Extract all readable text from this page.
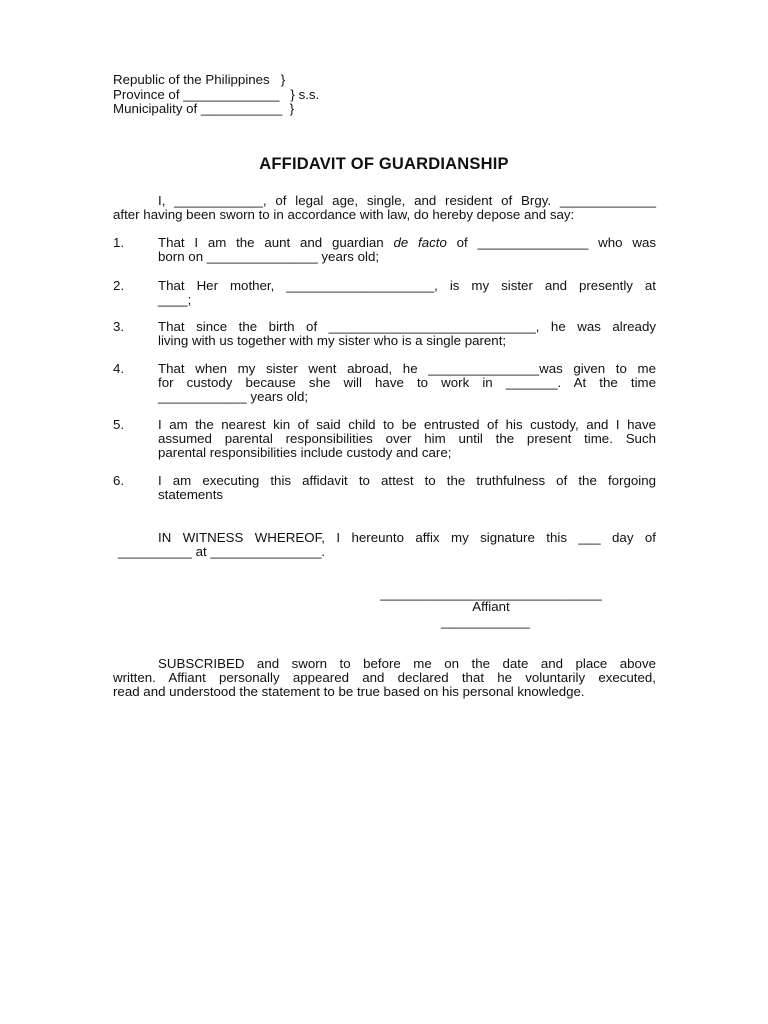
Republic of the Philippines   }
Province of _____________   } s.s.
Municipality of ___________  }
AFFIDAVIT OF GUARDIANSHIP
I, ____________, of legal age, single, and resident of Brgy. _____________
after having been sworn to in accordance with law, do hereby depose and say:
1.	That I am the aunt and guardian de facto of _______________ who was
born on _______________ years old;
2.	That Her mother, ____________________, is my sister and presently at
____;
3.	That since the birth of ____________________________, he was already
living with us together with my sister who is a single parent;
4.	That when my sister went abroad, he _______________was given to me
for custody because she will have to work in _______. At the time
____________ years old;
5.	I am the nearest kin of said child to be entrusted of his custody, and I have
assumed parental responsibilities over him until the present time. Such
parental responsibilities include custody and care;
6.	I am executing this affidavit to attest to the truthfulness of the forgoing
statements
IN WITNESS WHEREOF, I hereunto affix my signature this ___ day of
__________ at _______________.
______________________________
Affiant
____________
SUBSCRIBED and sworn to before me on the date and place above
written. Affiant personally appeared and declared that he voluntarily executed,
read and understood the statement to be true based on his personal knowledge.
